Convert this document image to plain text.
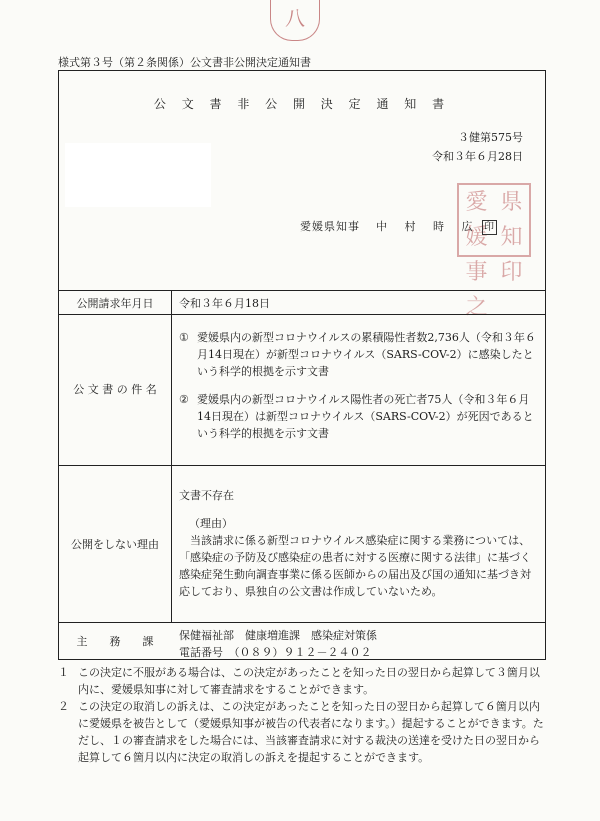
八
様式第３号（第２条関係）公文書非公開決定通知書
公 文 書 非 公 開 決 定 通 知 書
３健第575号
令和３年６月28日
愛媛
県知
事之
印
愛媛県知事 中 村 時 広 印
公開請求年月日	令和３年６月18日
公 文 書 の 件 名
① 愛媛県内の新型コロナウイルスの累積陽性者数2,736人（令和３年６月14日現在）が新型コロナウイルス（SARS-COV-2）に感染したという科学的根拠を示す文書
② 愛媛県内の新型コロナウイルス陽性者の死亡者75人（令和３年６月14日現在）は新型コロナウイルス（SARS-COV-2）が死因であるという科学的根拠を示す文書
公開をしない理由
文書不存在
（理由）
当該請求に係る新型コロナウイルス感染症に関する業務については、「感染症の予防及び感染症の患者に対する医療に関する法律」に基づく感染症発生動向調査事業に係る医師からの届出及び国の通知に基づき対応しており、県独自の公文書は作成していないため。
主　　務　　課	保健福祉部　健康増進課　感染症対策係
電話番号　（０８９）９１２－２４０２
１ この決定に不服がある場合は、この決定があったことを知った日の翌日から起算して３箇月以内に、愛媛県知事に対して審査請求をすることができます。
２ この決定の取消しの訴えは、この決定があったことを知った日の翌日から起算して６箇月以内に愛媛県を被告として（愛媛県知事が被告の代表者になります。）提起することができます。ただし、１の審査請求をした場合には、当該審査請求に対する裁決の送達を受けた日の翌日から起算して６箇月以内に決定の取消しの訴えを提起することができます。
